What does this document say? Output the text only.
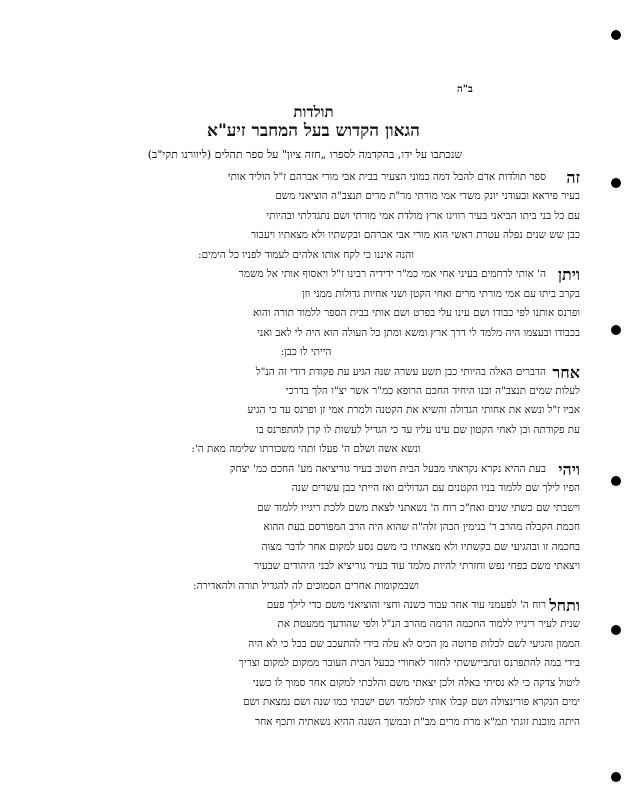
ב"ה
תולדות
הגאון הקדוש בעל המחבר זיע"א
שנכתבו על ידו, בהקדמה לספרו „חזה ציון" על ספר תהלים (ליוורנו תקי"ב)
זה
ספר תולדות אדם להבל דמה כמוני הצעיר בבית אבי מורי אברהם ז"ל הוליד אותי
בעיר פיראא ובעודני יונק משדי אמי מורתי מר"ת מרים תנצב"ה הוציאני משם
עם כל בני ביתו הביאני בעיר רוויגו ארץ מולדת אמי מורתי ושם נתגדלתי ובהיותי
כבן שש שנים נפלה עטרת ראשי הוא מורי אבי אברהם ובקשתיו ולא מצאתיו ויעבור
והנה איננו כי לקח אותו אלהים לעמוד לפניו כל הימים:
ויתן
ה' אותי לרחמים בעיני אחי אמי כמ"ר ידידיה רבינו ז"ל ויאסוף אותי אל משמר
בקרב ביתו עם אמי מורתי מרים ואחי הקטן ושני אחיות גדולות ממני וזן
ופרנס אותנו לפי כבודו ושם עינו עלי בפרט ושם אותי בבית הספר ללמוד תורה והוא
בכבודו ובעצמו היה מלמד לי דרך ארץ ומשא ומתן כל העולה הוא היה לי לאב ואני
הייתי לו כבן:
אחר
הדברים האלה בהיותי כבן תשע עשרה שנה הגיע עת פקודת דודי זה הנ"ל
לעלות שמים תנצב"ה ובנו היחיד החכם הרופא כמ"ר אשר יצ"ו הלך בדרכי
אביו ז"ל ונשא את אחותי הגדולה והשיא את הקטנה ולמרת אמי זן ופרנס עד כי הגיע
עת פקודתה וכן לאחי הקטון שם עינו עליו עד כי הגדיל לעשות לו קרן להתפרנס בו
ונשא אשה ושלם ה' פעלו ותהי משכורתו שלימה מאת ה':
ויהי
בעת ההיא נקרא נקראתי מבעל הבית חשוב בעיר גוריציאה מע' החכם כמ' יצחק
הפיו לילך שם ללמוד בניו הקטנים עם הגדולים ואז הייתי כבן עשרים שנה
וישבתי שם כשתי שנים ואח"כ רוח ה' נשאתני לצאת משם ללכת ריגייו ללמוד שם
חכמת הקבלה מהרב ר' בנימין הכהן זלה"ה שהוא היה הרב המפורסם בעת ההוא
בחכמה זו ובהגיעי שם בקשתיו ולא מצאתיו כי משם נסע למקום אחר לדבר מצוה
ויצאתי משם בפחי נפש וחזרתי להיות מלמד עוד בעיר גוריציא לבני היהודים שבעיר
ושבמקומות אחרים הסמוכים לה להגדיל תורה ולהאדירה:
ותחל
רוח ה' לפעמני עוד אחר עבור כשנה וחצי והוציאני משם כדי לילך פעם
שנית לעיר ריגייו ללמוד החכמה הרמה מהרב הנ"ל ולפי שהודעך ממעטת את
הממון והגיעי לשם לכלות פרוטה מן הכיס לא עלה בידי להתעכב שם בכל כי לא היה
בידי במה להתפרנס ונתבייששתי לחזור לאחורי כבעל הבית העובר ממקום למקום וצריך
ליטול צדקה כי לא נסיתי באלה ולכן יצאתי משם והלכתי למקום אחר סמוך לו כשני
ימים הנקרא פורינצולה ושם קבלו אותי למלמד ושם ישבתי כמו שנה ושם נמצאת ושם
היתה מוכנת זוגתי תמ"א מרת מרים מב"ת ובמשך השנה ההיא נשאתיה ותכף אחר
